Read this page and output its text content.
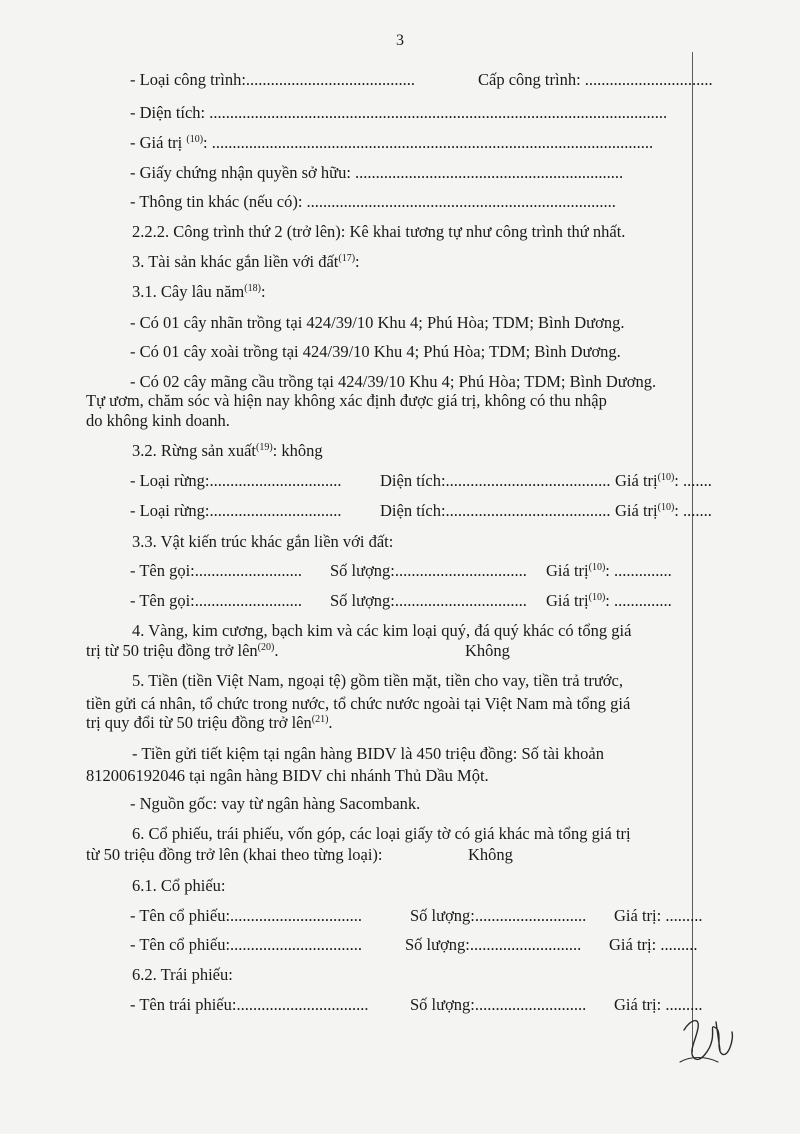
3
- Loại công trình:.........................................	Cấp công trình: ...............................
- Diện tích: ...............................................................................................................
- Giá trị $^{(10)}$: ...........................................................................................................
- Giấy chứng nhận quyền sở hữu: .................................................................
- Thông tin khác (nếu có): ...........................................................................
2.2.2. Công trình thứ 2 (trở lên): Kê khai tương tự như công trình thứ nhất.
3. Tài sản khác gắn liền với đất$^{(17)}$:
3.1. Cây lâu năm$^{(18)}$:
- Có 01 cây nhãn trồng tại 424/39/10 Khu 4; Phú Hòa; TDM; Bình Dương.
- Có 01 cây xoài trồng tại 424/39/10 Khu 4; Phú Hòa; TDM; Bình Dương.
- Có 02 cây mãng cầu trồng tại 424/39/10 Khu 4; Phú Hòa; TDM; Bình Dương.
Tự ươm, chăm sóc và hiện nay không xác định được giá trị, không có thu nhập
do không kinh doanh.
3.2. Rừng sản xuất$^{(19)}$: không
- Loại rừng:................................ Diện tích:........................................ Giá trị$^{(10)}$: .......
- Loại rừng:................................ Diện tích:........................................ Giá trị$^{(10)}$: .......
3.3. Vật kiến trúc khác gắn liền với đất:
- Tên gọi:.......................... Số lượng:................................ Giá trị$^{(10)}$: ..............
- Tên gọi:.......................... Số lượng:................................ Giá trị$^{(10)}$: ..............
4. Vàng, kim cương, bạch kim và các kim loại quý, đá quý khác có tổng giá
trị từ 50 triệu đồng trở lên$^{(20)}$.	Không
5. Tiền (tiền Việt Nam, ngoại tệ) gồm tiền mặt, tiền cho vay, tiền trả trước,
tiền gửi cá nhân, tổ chức trong nước, tổ chức nước ngoài tại Việt Nam mà tổng giá
trị quy đổi từ 50 triệu đồng trở lên$^{(21)}$.
- Tiền gửi tiết kiệm tại ngân hàng BIDV là 450 triệu đồng: Số tài khoản
812006192046 tại ngân hàng BIDV chi nhánh Thủ Dầu Một.
- Nguồn gốc: vay từ ngân hàng Sacombank.
6. Cổ phiếu, trái phiếu, vốn góp, các loại giấy tờ có giá khác mà tổng giá trị
từ 50 triệu đồng trở lên (khai theo từng loại):	Không
6.1. Cổ phiếu:
- Tên cổ phiếu:................................	Số lượng:........................... Giá trị: .........
- Tên cổ phiếu:................................	Số lượng:........................... Giá trị: .........
6.2. Trái phiếu:
- Tên trái phiếu:................................	Số lượng:........................... Giá trị: .........
